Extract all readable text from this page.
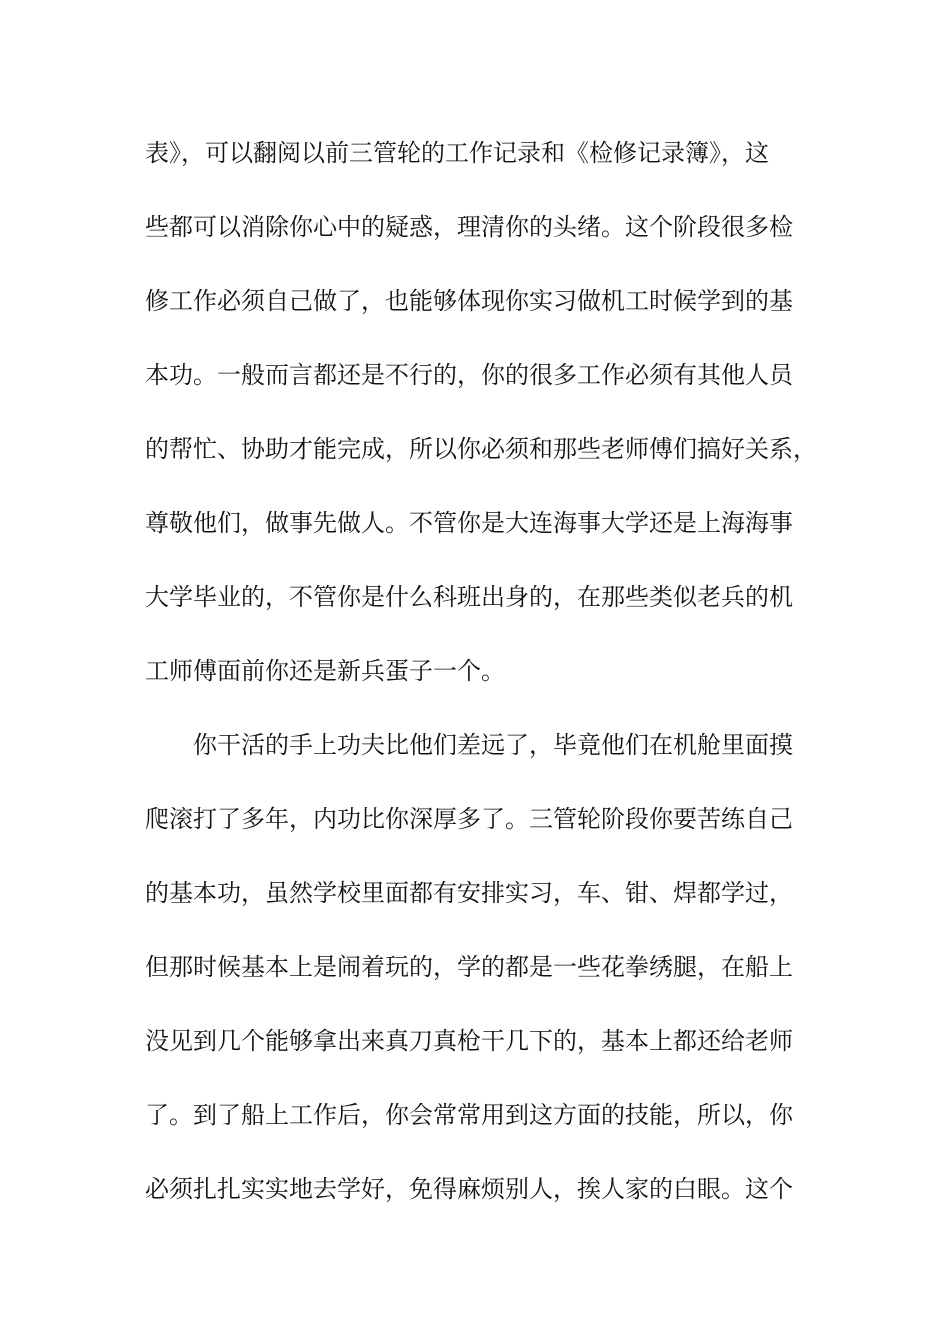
表》，可以翻阅以前三管轮的工作记录和《检修记录簿》，这
些都可以消除你心中的疑惑，理清你的头绪。这个阶段很多检
修工作必须自己做了，也能够体现你实习做机工时候学到的基
本功。一般而言都还是不行的，你的很多工作必须有其他人员
的帮忙、协助才能完成，所以你必须和那些老师傅们搞好关系，
尊敬他们，做事先做人。不管你是大连海事大学还是上海海事
大学毕业的，不管你是什么科班出身的，在那些类似老兵的机
工师傅面前你还是新兵蛋子一个。
你干活的手上功夫比他们差远了，毕竟他们在机舱里面摸
爬滚打了多年，内功比你深厚多了。三管轮阶段你要苦练自己
的基本功，虽然学校里面都有安排实习，车、钳、焊都学过，
但那时候基本上是闹着玩的，学的都是一些花拳绣腿，在船上
没见到几个能够拿出来真刀真枪干几下的，基本上都还给老师
了。到了船上工作后，你会常常用到这方面的技能，所以，你
必须扎扎实实地去学好，免得麻烦别人，挨人家的白眼。这个
